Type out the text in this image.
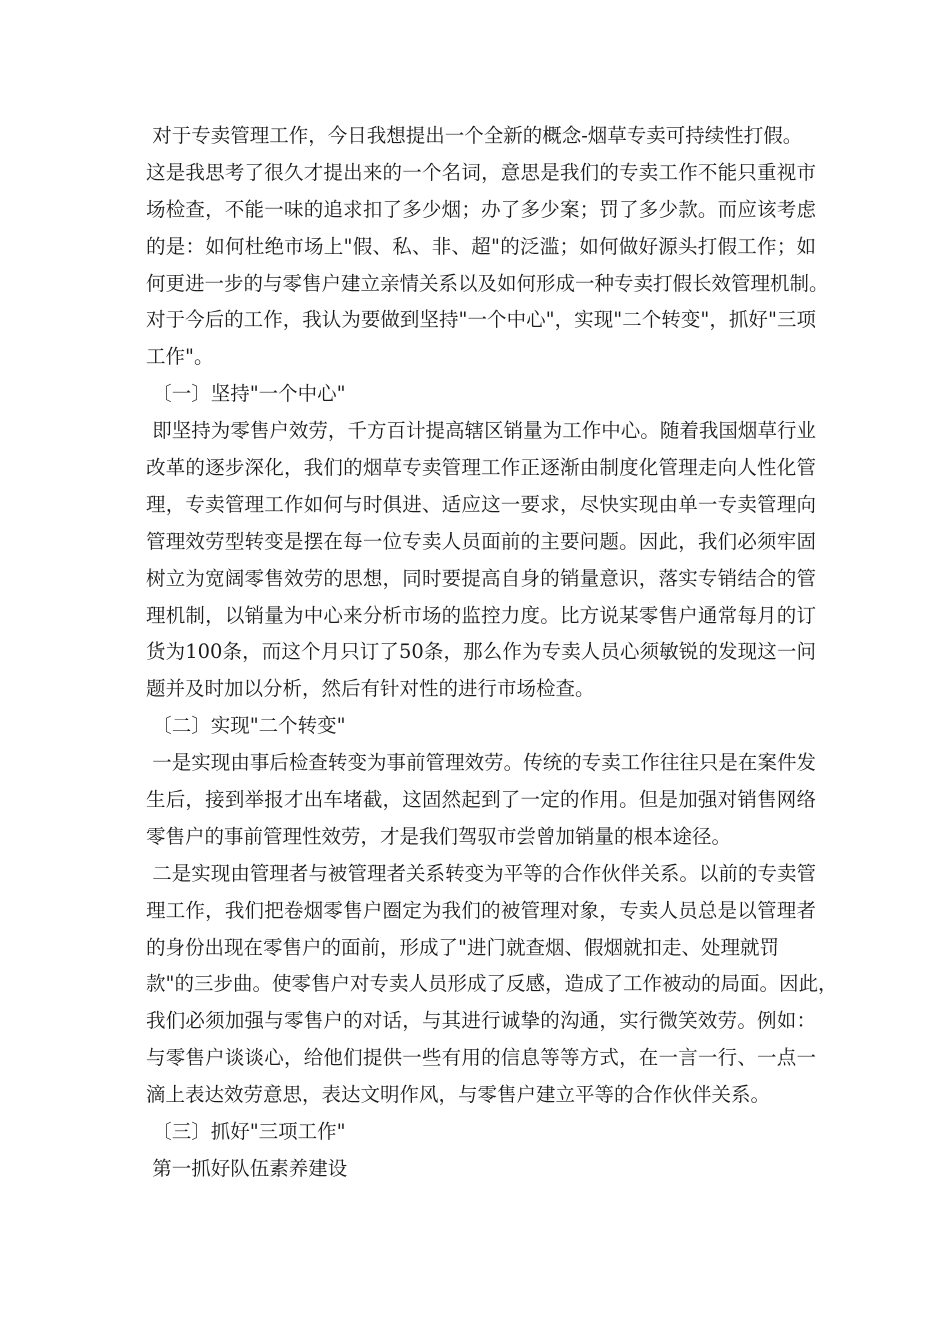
对于专卖管理工作，今日我想提出一个全新的概念-烟草专卖可持续性打假。
这是我思考了很久才提出来的一个名词，意思是我们的专卖工作不能只重视市
场检查，不能一味的追求扣了多少烟；办了多少案；罚了多少款。而应该考虑
的是：如何杜绝市场上"假、私、非、超"的泛滥；如何做好源头打假工作；如
何更进一步的与零售户建立亲情关系以及如何形成一种专卖打假长效管理机制。
对于今后的工作，我认为要做到坚持"一个中心"，实现"二个转变"，抓好"三项
工作"。
〔一〕坚持"一个中心"
即坚持为零售户效劳，千方百计提高辖区销量为工作中心。随着我国烟草行业
改革的逐步深化，我们的烟草专卖管理工作正逐渐由制度化管理走向人性化管
理，专卖管理工作如何与时俱进、适应这一要求，尽快实现由单一专卖管理向
管理效劳型转变是摆在每一位专卖人员面前的主要问题。因此，我们必须牢固
树立为宽阔零售效劳的思想，同时要提高自身的销量意识，落实专销结合的管
理机制，以销量为中心来分析市场的监控力度。比方说某零售户通常每月的订
货为100条，而这个月只订了50条，那么作为专卖人员心须敏锐的发现这一问
题并及时加以分析，然后有针对性的进行市场检查。
〔二〕实现"二个转变"
一是实现由事后检查转变为事前管理效劳。传统的专卖工作往往只是在案件发
生后，接到举报才出车堵截，这固然起到了一定的作用。但是加强对销售网络
零售户的事前管理性效劳，才是我们驾驭市尝曾加销量的根本途径。
二是实现由管理者与被管理者关系转变为平等的合作伙伴关系。以前的专卖管
理工作，我们把卷烟零售户圈定为我们的被管理对象，专卖人员总是以管理者
的身份出现在零售户的面前，形成了"进门就查烟、假烟就扣走、处理就罚
款"的三步曲。使零售户对专卖人员形成了反感，造成了工作被动的局面。因此，
我们必须加强与零售户的对话，与其进行诚挚的沟通，实行微笑效劳。例如：
与零售户谈谈心，给他们提供一些有用的信息等等方式，在一言一行、一点一
滴上表达效劳意思，表达文明作风，与零售户建立平等的合作伙伴关系。
〔三〕抓好"三项工作"
第一抓好队伍素养建设
